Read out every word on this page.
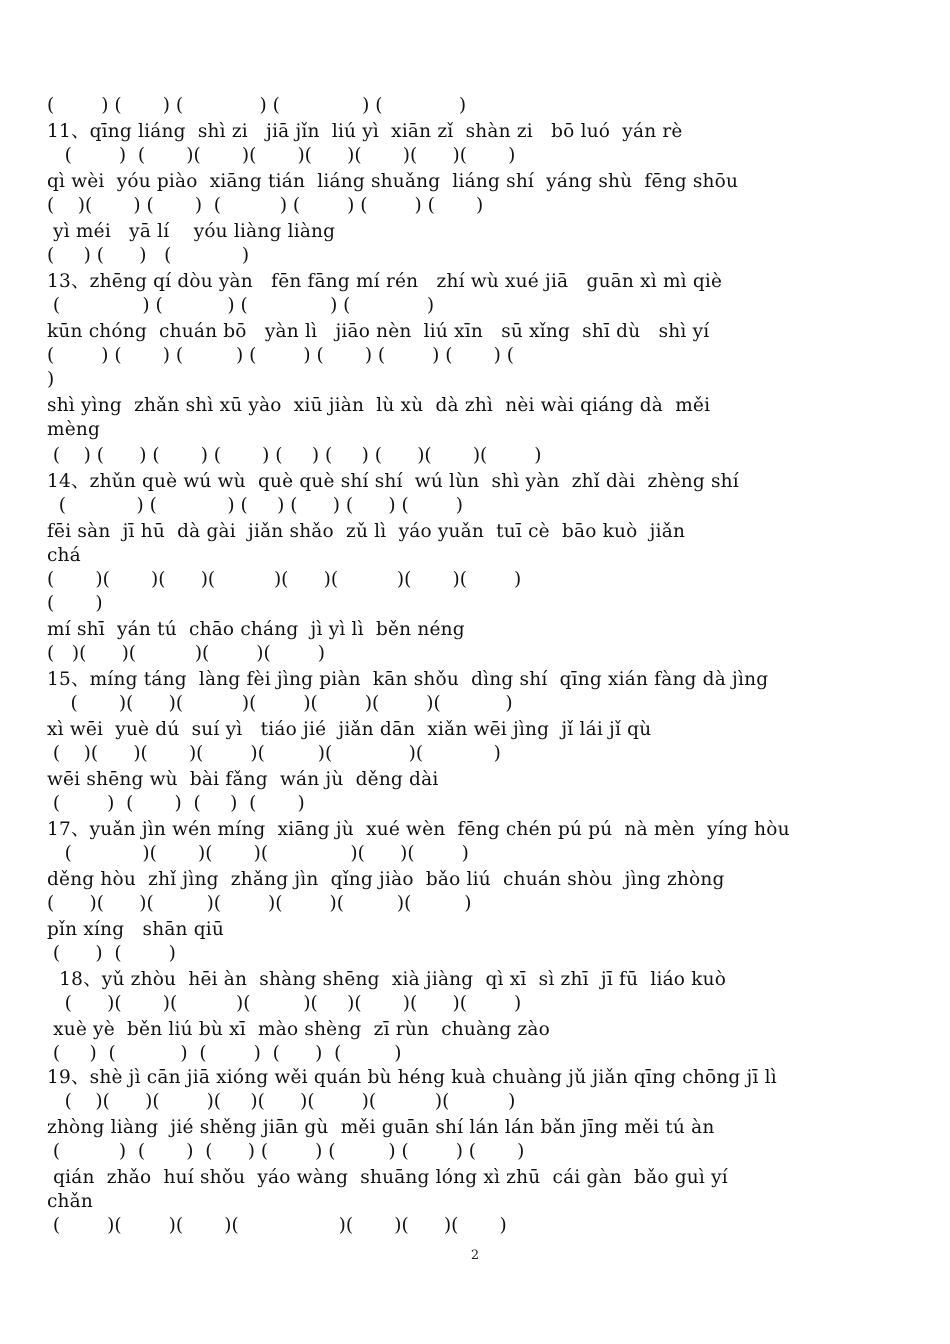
(        ) (       ) (             ) (              ) (             )
11、qīng liáng  shì zi   jiā jǐn  liú yì  xiān zǐ  shàn zi   bō luó  yán rè
(        )  (       )(       )(       )(      )(       )(      )(       )
qì wèi  yóu piào  xiāng tián  liáng shuǎng  liáng shí  yáng shù  fēng shōu
(    )(       ) (       )  (          ) (        ) (        ) (       )
yì méi   yā lí    yóu liàng liàng
(     ) (      )   (            )
13、zhēng qí dòu yàn   fēn fāng mí rén   zhí wù xué jiā   guān xì mì qiè
(              ) (           ) (              ) (             )
kūn chóng  chuán bō   yàn lì   jiāo nèn  liú xīn   sū xǐng  shī dù   shì yí
(        ) (       ) (         ) (        ) (       ) (        ) (       ) (
)
shì yìng  zhǎn shì xū yào  xiū jiàn  lù xù  dà zhì  nèi wài qiáng dà  měi
mèng
(    ) (      ) (       ) (       ) (     ) (     ) (      )(       )(        )
14、zhǔn què wú wù  què què shí shí  wú lùn  shì yàn  zhǐ dài  zhèng shí
(            ) (            ) (     ) (      ) (      ) (        )
fēi sàn  jī hū  dà gài  jiǎn shǎo  zǔ lì  yáo yuǎn  tuī cè  bāo kuò  jiǎn
chá
(       )(       )(      )(          )(      )(          )(       )(        )
(       )
mí shī  yán tú  chāo cháng  jì yì lì  běn néng
(   )(      )(          )(        )(        )
15、míng táng  làng fèi jìng piàn  kān shǒu  dìng shí  qīng xián fàng dà jìng
(       )(      )(          )(        )(        )(        )(           )
xì wēi  yuè dú  suí yì   tiáo jié  jiǎn dān  xiǎn wēi jìng  jǐ lái jǐ qù
(    )(      )(       )(        )(         )(             )(            )
wēi shēng wù  bài fǎng  wán jù  děng dài
(        )  (       )  (     )  (       )
17、yuǎn jìn wén míng  xiāng jù  xué wèn  fēng chén pú pú  nà mèn  yíng hòu
(            )(       )(       )(              )(      )(        )
děng hòu  zhǐ jìng  zhǎng jìn  qǐng jiào  bǎo liú  chuán shòu  jìng zhòng
(      )(      )(         )(        )(        )(         )(         )
pǐn xíng   shān qiū
(      )  (        )
18、yǔ zhòu  hēi àn  shàng shēng  xià jiàng  qì xī  sì zhī  jī fū  liáo kuò
(      )(       )(          )(         )(     )(       )(      )(        )
xuè yè  běn liú bù xī  mào shèng  zī rùn  chuàng zào
(     )  (           )  (        )  (      )  (         )
19、shè jì cān jiā xióng wěi quán bù héng kuà chuàng jǔ jiǎn qīng chōng jī lì
(    )(      )(        )(     )(      )(        )(          )(          )
zhòng liàng  jié shěng jiān gù  měi guān shí lán lán bǎn jīng měi tú àn
(          )  (       )  (      ) (        ) (         ) (        ) (       )
qián  zhǎo  huí shǒu  yáo wàng  shuāng lóng xì zhū  cái gàn  bǎo guì yí
chǎn
(        )(        )(       )(                 )(       )(      )(       )
2
